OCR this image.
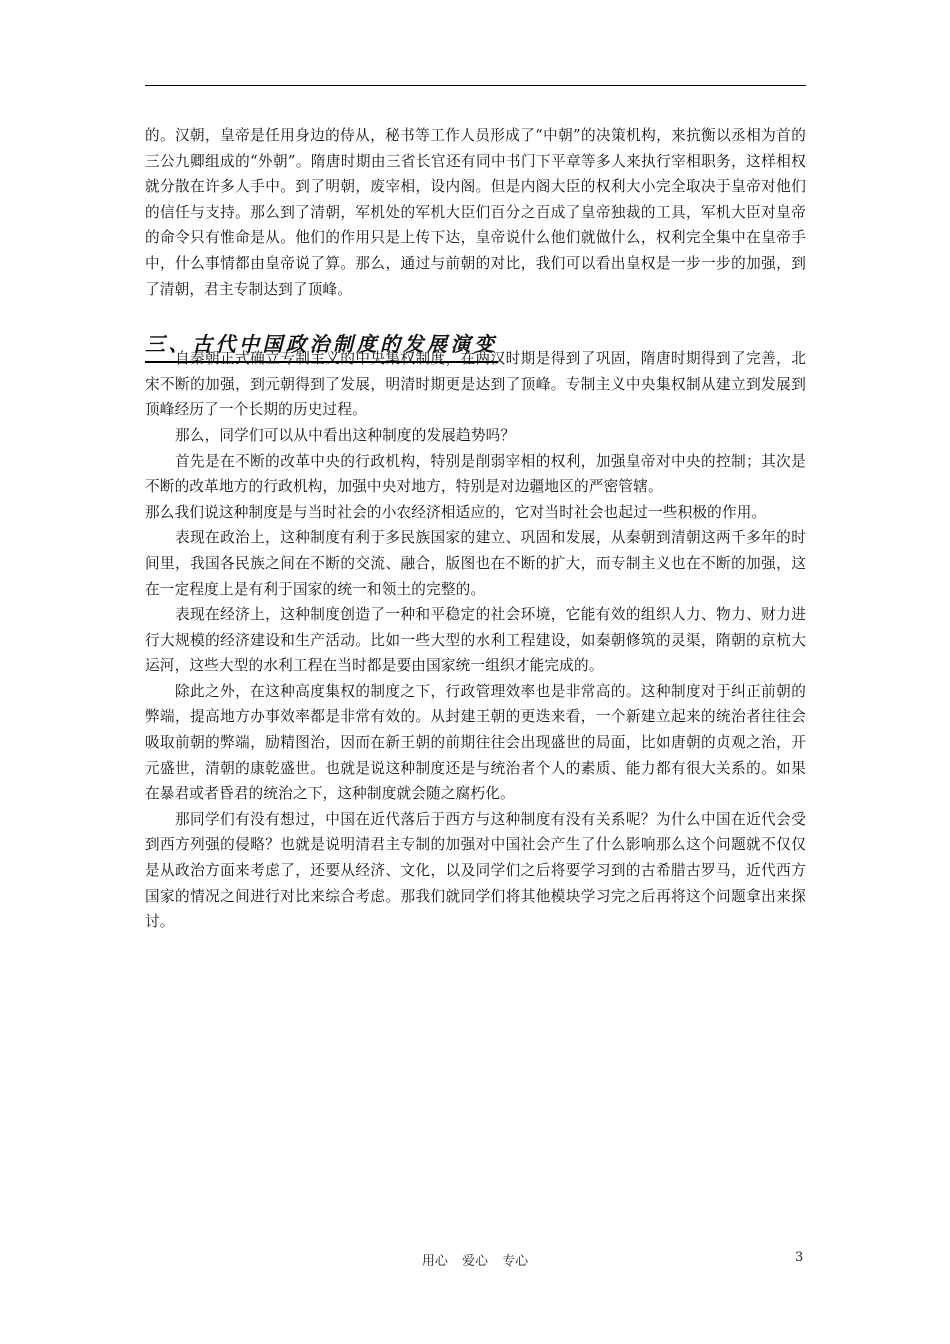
的。汉朝，皇帝是任用身边的侍从，秘书等工作人员形成了“中朝”的决策机构，来抗衡以丞相为首的三公九卿组成的“外朝”。隋唐时期由三省长官还有同中书门下平章等多人来执行宰相职务，这样相权就分散在许多人手中。到了明朝，废宰相，设内阁。但是内阁大臣的权利大小完全取决于皇帝对他们的信任与支持。那么到了清朝，军机处的军机大臣们百分之百成了皇帝独裁的工具，军机大臣对皇帝的命令只有惟命是从。他们的作用只是上传下达，皇帝说什么他们就做什么，权利完全集中在皇帝手中，什么事情都由皇帝说了算。那么，通过与前朝的对比，我们可以看出皇权是一步一步的加强，到了清朝，君主专制达到了顶峰。

三、古代中国政治制度的发展演变

自秦朝正式确立专制主义的中央集权制度，在两汉时期是得到了巩固，隋唐时期得到了完善，北宋不断的加强，到元朝得到了发展，明清时期更是达到了顶峰。专制主义中央集权制从建立到发展到顶峰经历了一个长期的历史过程。

那么，同学们可以从中看出这种制度的发展趋势吗？

首先是在不断的改革中央的行政机构，特别是削弱宰相的权利，加强皇帝对中央的控制；其次是不断的改革地方的行政机构，加强中央对地方，特别是对边疆地区的严密管辖。

那么我们说这种制度是与当时社会的小农经济相适应的，它对当时社会也起过一些积极的作用。

表现在政治上，这种制度有利于多民族国家的建立、巩固和发展，从秦朝到清朝这两千多年的时间里，我国各民族之间在不断的交流、融合，版图也在不断的扩大，而专制主义也在不断的加强，这在一定程度上是有利于国家的统一和领土的完整的。

表现在经济上，这种制度创造了一种和平稳定的社会环境，它能有效的组织人力、物力、财力进行大规模的经济建设和生产活动。比如一些大型的水利工程建设，如秦朝修筑的灵渠，隋朝的京杭大运河，这些大型的水利工程在当时都是要由国家统一组织才能完成的。

除此之外，在这种高度集权的制度之下，行政管理效率也是非常高的。这种制度对于纠正前朝的弊端，提高地方办事效率都是非常有效的。从封建王朝的更迭来看，一个新建立起来的统治者往往会吸取前朝的弊端，励精图治，因而在新王朝的前期往往会出现盛世的局面，比如唐朝的贞观之治，开元盛世，清朝的康乾盛世。也就是说这种制度还是与统治者个人的素质、能力都有很大关系的。如果在暴君或者昏君的统治之下，这种制度就会随之腐朽化。

那同学们有没有想过，中国在近代落后于西方与这种制度有没有关系呢？为什么中国在近代会受到西方列强的侵略？也就是说明清君主专制的加强对中国社会产生了什么影响那么这个问题就不仅仅是从政治方面来考虑了，还要从经济、文化，以及同学们之后将要学习到的古希腊古罗马，近代西方国家的情况之间进行对比来综合考虑。那我们就同学们将其他模块学习完之后再将这个问题拿出来探讨。

用心 爱心 专心	3
